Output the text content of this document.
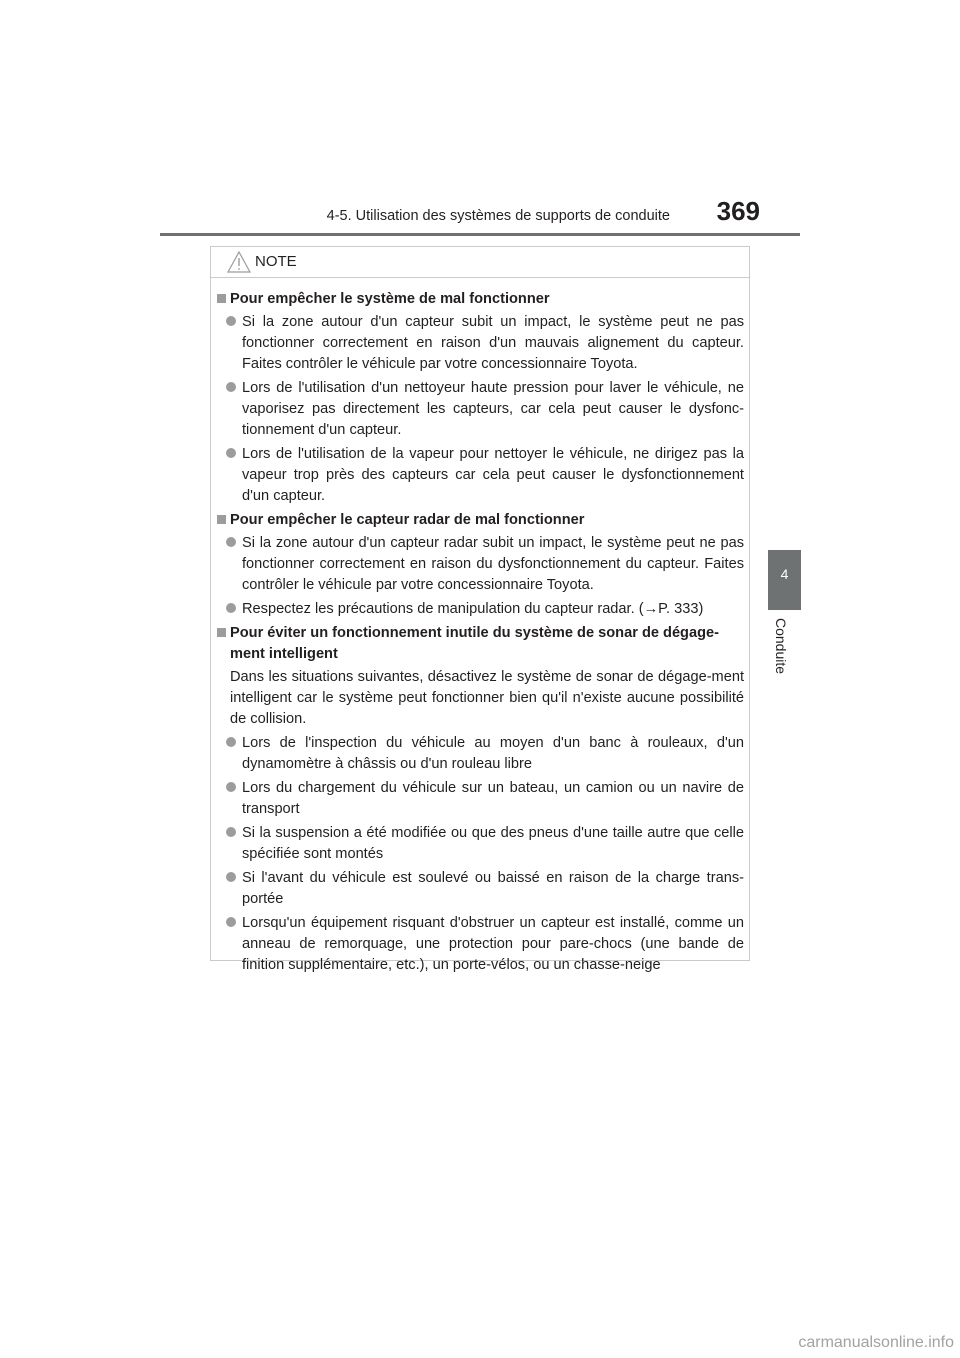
4-5. Utilisation des systèmes de supports de conduite	369
4
Conduite
NOTE
Pour empêcher le système de mal fonctionner
Si la zone autour d'un capteur subit un impact, le système peut ne pas fonctionner correctement en raison d'un mauvais alignement du capteur. Faites contrôler le véhicule par votre concessionnaire Toyota.
Lors de l'utilisation d'un nettoyeur haute pression pour laver le véhicule, ne vaporisez pas directement les capteurs, car cela peut causer le dysfonc-tionnement d'un capteur.
Lors de l'utilisation de la vapeur pour nettoyer le véhicule, ne dirigez pas la vapeur trop près des capteurs car cela peut causer le dysfonctionnement d'un capteur.
Pour empêcher le capteur radar de mal fonctionner
Si la zone autour d'un capteur radar subit un impact, le système peut ne pas fonctionner correctement en raison du dysfonctionnement du capteur. Faites contrôler le véhicule par votre concessionnaire Toyota.
Respectez les précautions de manipulation du capteur radar. (→P. 333)
Pour éviter un fonctionnement inutile du système de sonar de dégage-ment intelligent
Dans les situations suivantes, désactivez le système de sonar de dégage-ment intelligent car le système peut fonctionner bien qu'il n'existe aucune possibilité de collision.
Lors de l'inspection du véhicule au moyen d'un banc à rouleaux, d'un dynamomètre à châssis ou d'un rouleau libre
Lors du chargement du véhicule sur un bateau, un camion ou un navire de transport
Si la suspension a été modifiée ou que des pneus d'une taille autre que celle spécifiée sont montés
Si l'avant du véhicule est soulevé ou baissé en raison de la charge trans-portée
Lorsqu'un équipement risquant d'obstruer un capteur est installé, comme un anneau de remorquage, une protection pour pare-chocs (une bande de finition supplémentaire, etc.), un porte-vélos, ou un chasse-neige
carmanualsonline.info
